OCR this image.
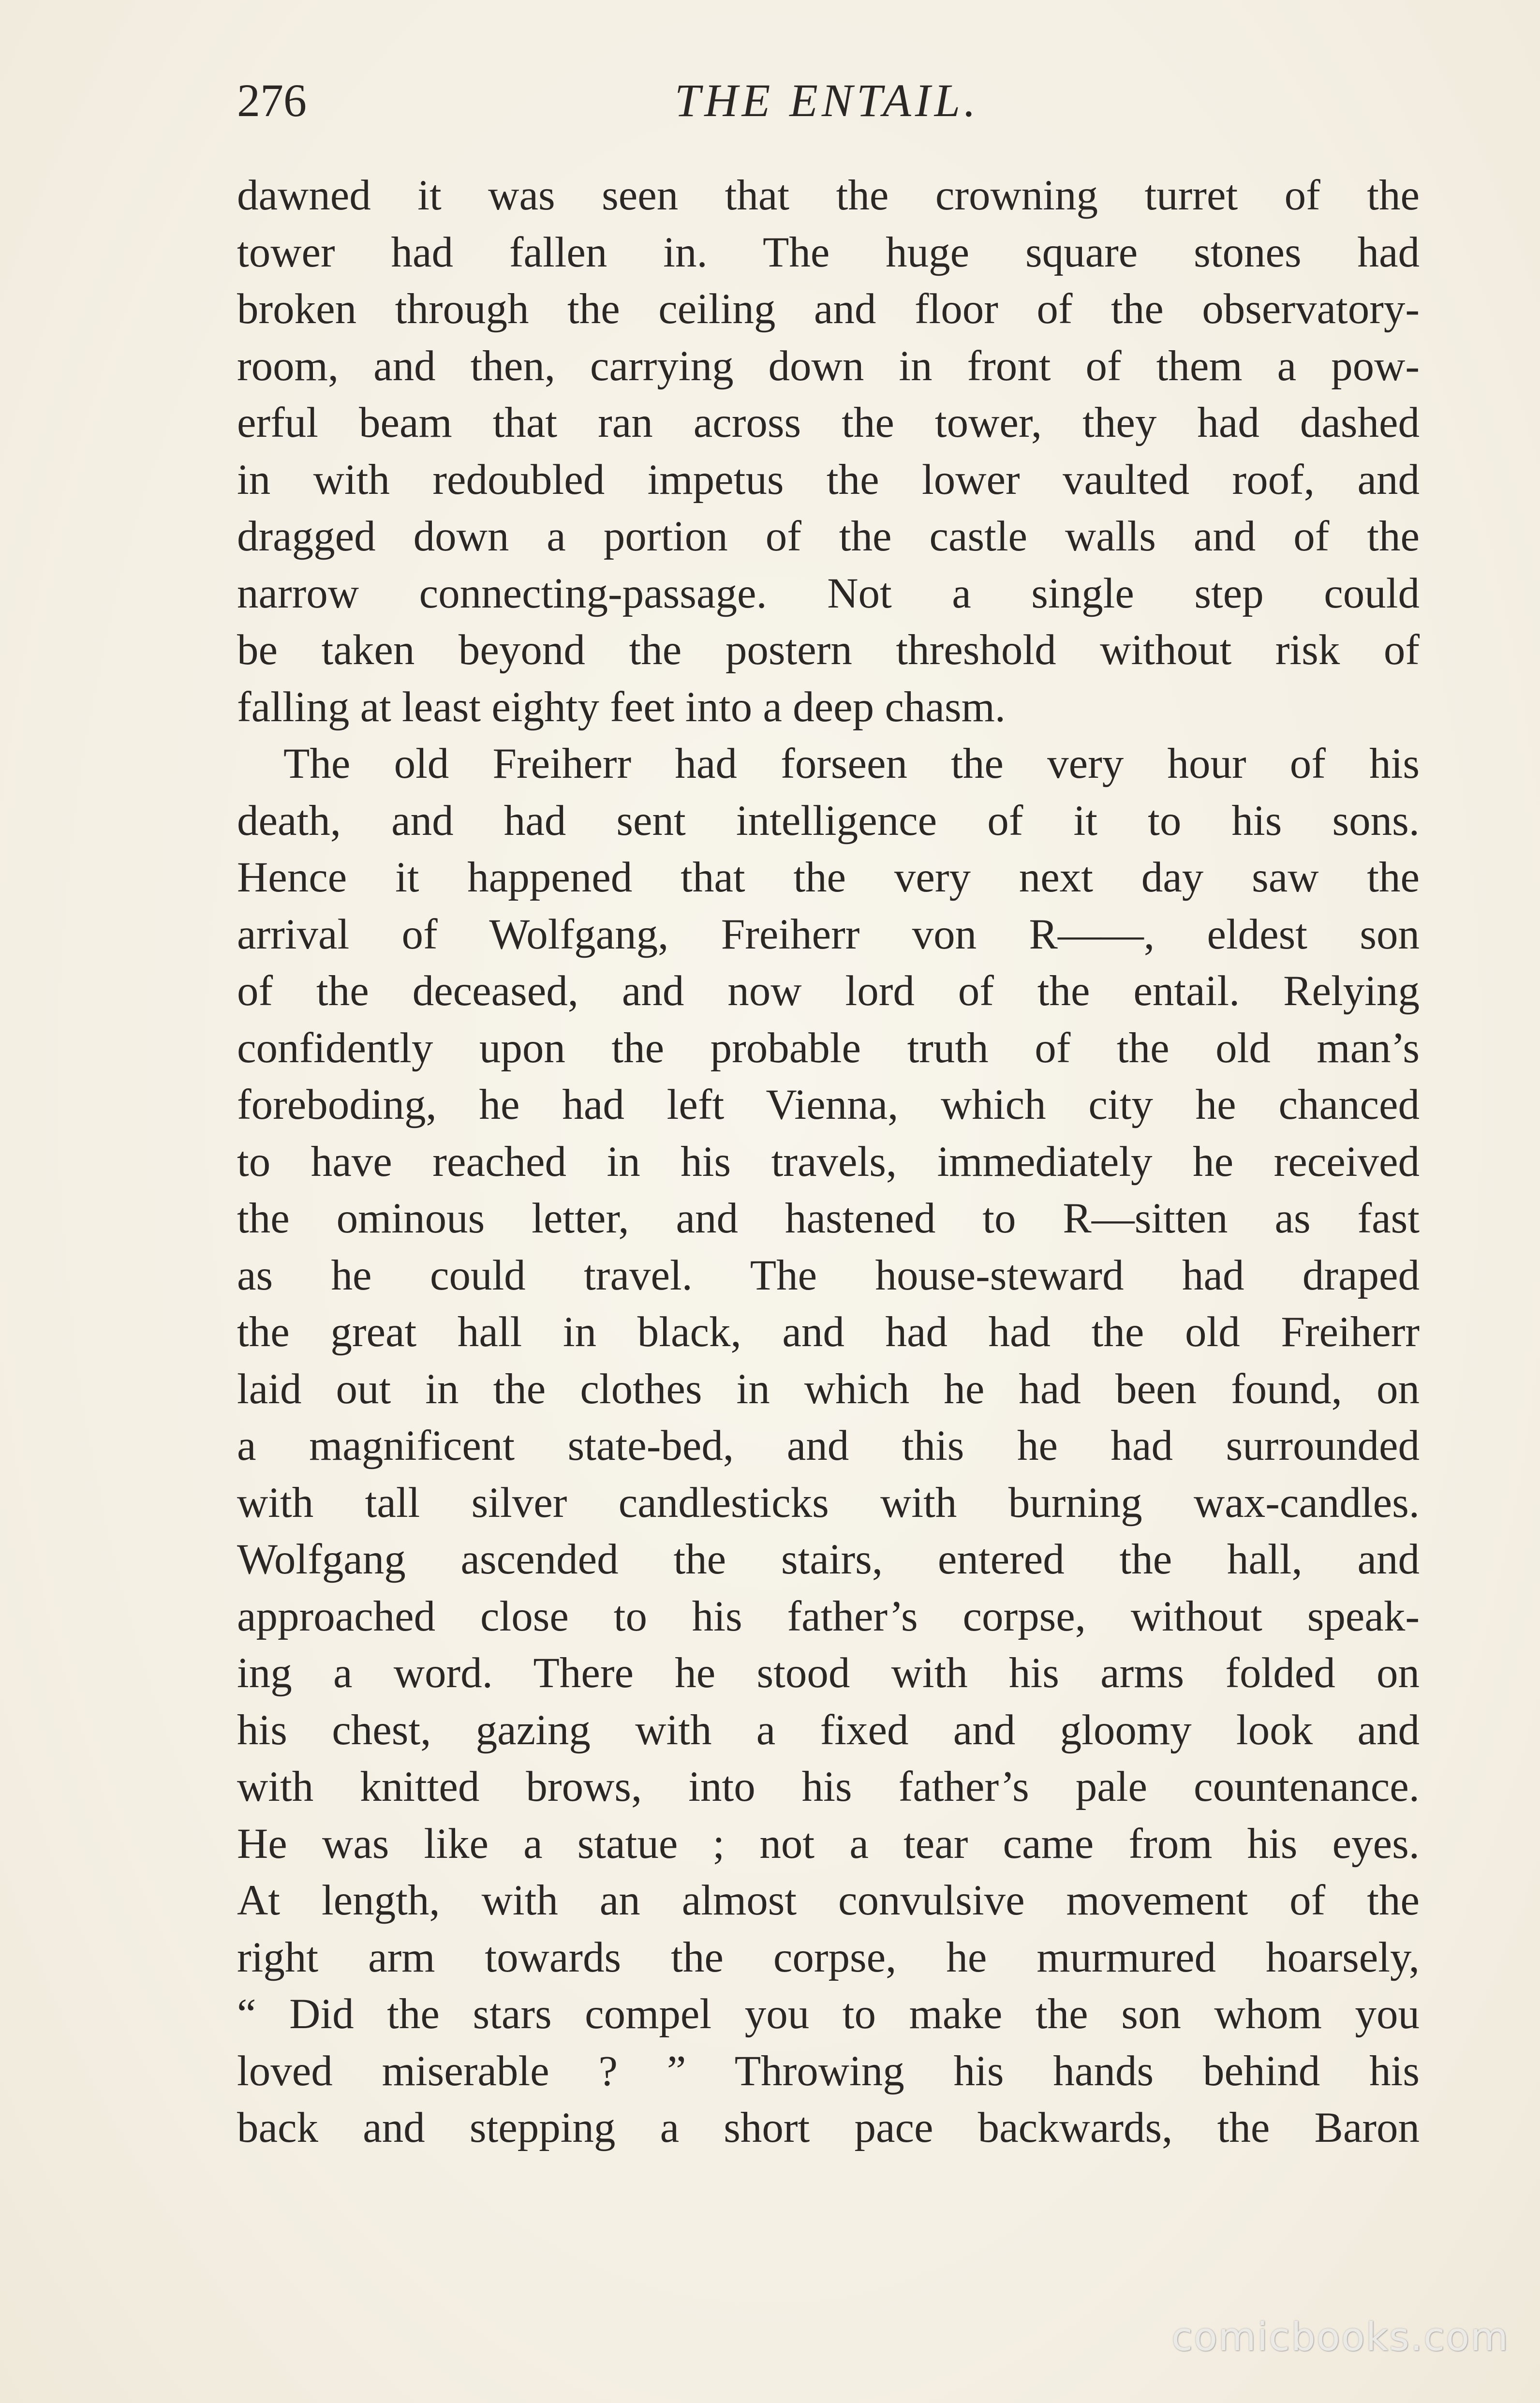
276	THE ENTAIL.
dawned it was seen that the crowning turret of the
tower had fallen in. The huge square stones had
broken through the ceiling and floor of the observatory-
room, and then, carrying down in front of them a pow-
erful beam that ran across the tower, they had dashed
in with redoubled impetus the lower vaulted roof, and
dragged down a portion of the castle walls and of the
narrow connecting-passage. Not a single step could
be taken beyond the postern threshold without risk of
falling at least eighty feet into a deep chasm.
The old Freiherr had forseen the very hour of his
death, and had sent intelligence of it to his sons.
Hence it happened that the very next day saw the
arrival of Wolfgang, Freiherr von R——, eldest son
of the deceased, and now lord of the entail. Relying
confidently upon the probable truth of the old man’s
foreboding, he had left Vienna, which city he chanced
to have reached in his travels, immediately he received
the ominous letter, and hastened to R—sitten as fast
as he could travel. The house-steward had draped
the great hall in black, and had had the old Freiherr
laid out in the clothes in which he had been found, on
a magnificent state-bed, and this he had surrounded
with tall silver candlesticks with burning wax-candles.
Wolfgang ascended the stairs, entered the hall, and
approached close to his father’s corpse, without speak-
ing a word. There he stood with his arms folded on
his chest, gazing with a fixed and gloomy look and
with knitted brows, into his father’s pale countenance.
He was like a statue ; not a tear came from his eyes.
At length, with an almost convulsive movement of the
right arm towards the corpse, he murmured hoarsely,
“ Did the stars compel you to make the son whom you
loved miserable ? ” Throwing his hands behind his
back and stepping a short pace backwards, the Baron
comicbooks.com
